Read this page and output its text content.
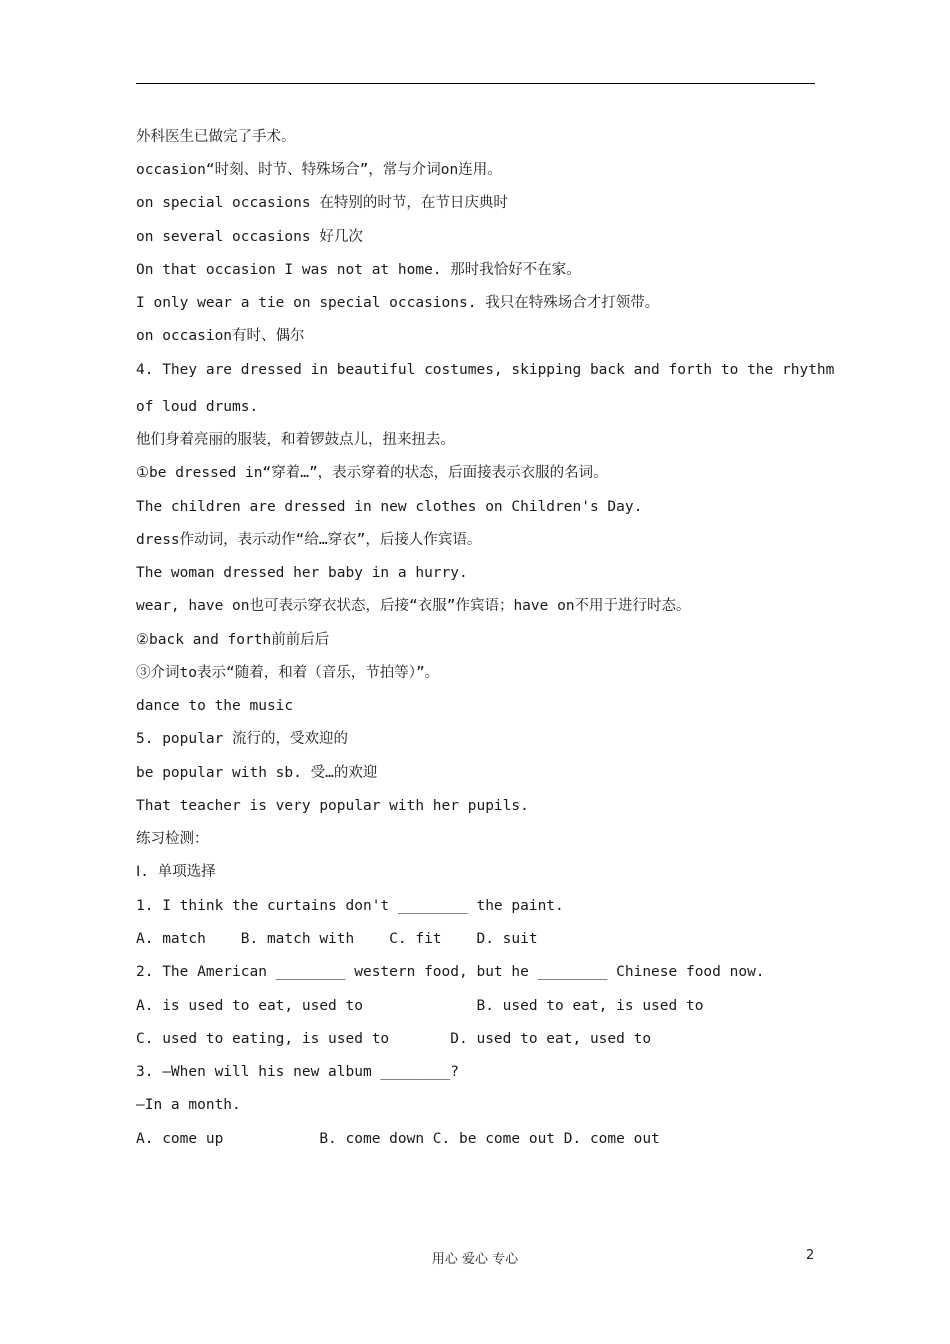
外科医生已做完了手术。
occasion“时刻、时节、特殊场合”，常与介词on连用。
on special occasions 在特别的时节，在节日庆典时
on several occasions 好几次
On that occasion I was not at home. 那时我恰好不在家。
I only wear a tie on special occasions. 我只在特殊场合才打领带。
on occasion有时、偶尔
4. They are dressed in beautiful costumes, skipping back and forth to the rhythm
of loud drums.
他们身着亮丽的服装，和着锣鼓点儿，扭来扭去。
①be dressed in“穿着…”，表示穿着的状态，后面接表示衣服的名词。
The children are dressed in new clothes on Children's Day.
dress作动词，表示动作“给…穿衣”，后接人作宾语。
The woman dressed her baby in a hurry.
wear, have on也可表示穿衣状态，后接“衣服”作宾语；have on不用于进行时态。
②back and forth前前后后
③介词to表示“随着，和着（音乐，节拍等）”。
dance to the music
5. popular 流行的，受欢迎的
be popular with sb. 受…的欢迎
That teacher is very popular with her pupils.
练习检测：
Ⅰ. 单项选择
1. I think the curtains don't ________ the paint.
A. match    B. match with    C. fit    D. suit
2. The American ________ western food, but he ________ Chinese food now.
A. is used to eat, used to             B. used to eat, is used to
C. used to eating, is used to       D. used to eat, used to
3. —When will his new album ________?
—In a month.
A. come up           B. come down C. be come out D. come out
用心 爱心 专心	2
